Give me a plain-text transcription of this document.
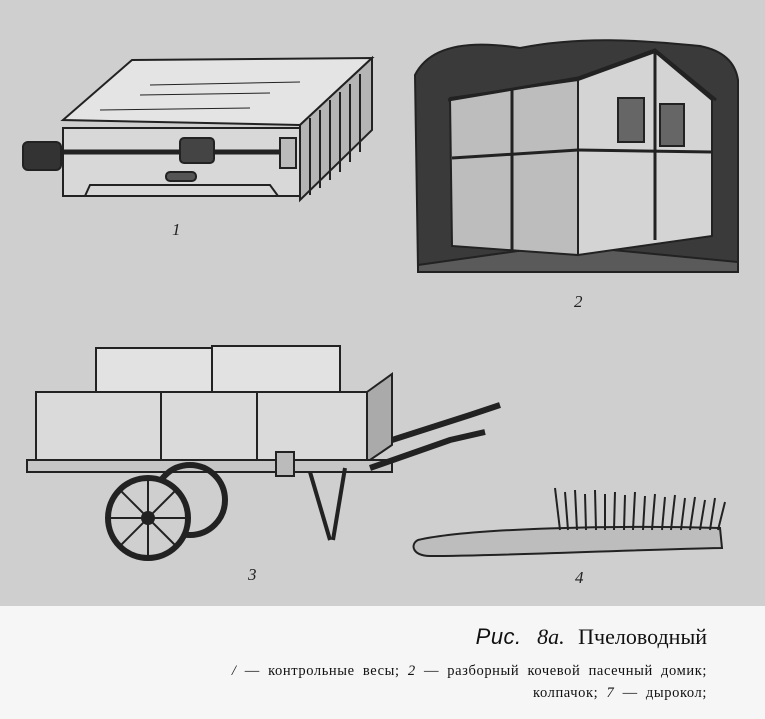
1
2
3	4
Рис. 8а. Пчеловодный
/ — контрольные весы; 2 — разборный кочевой пасечный домик;
колпачок; 7 — дырокол;
